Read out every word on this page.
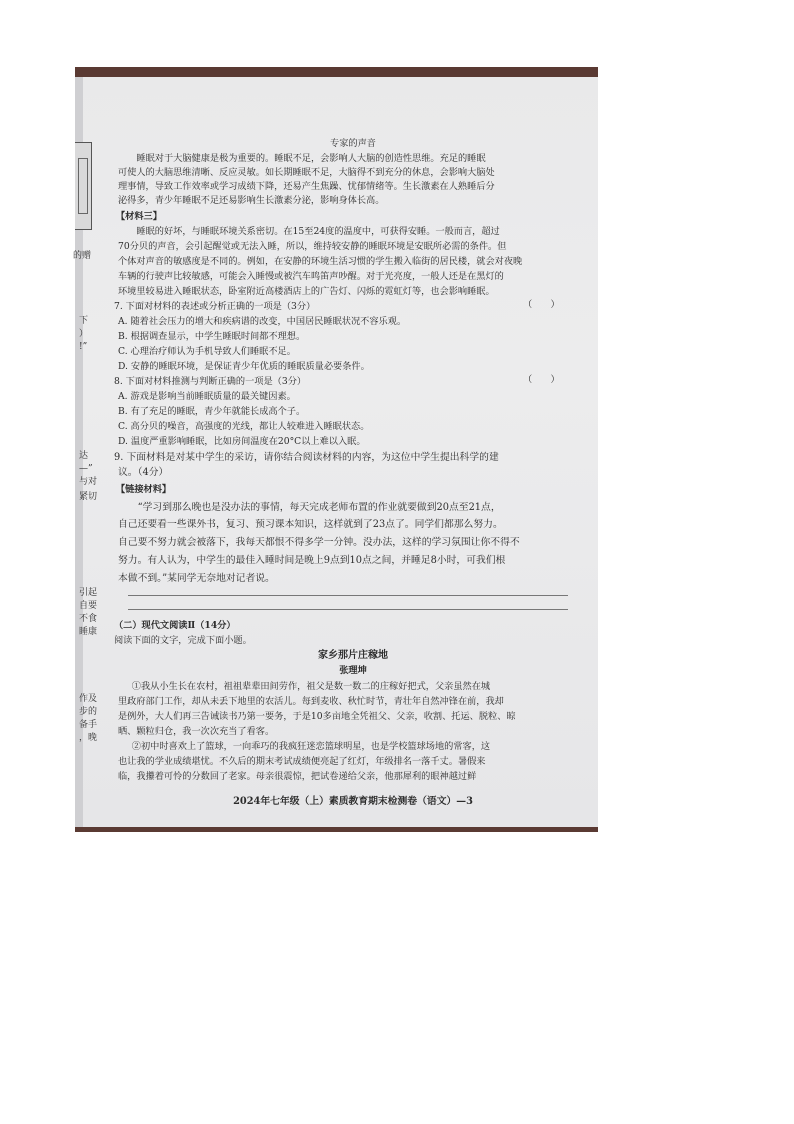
的赠
下
）
!”
达
—”
与对
紧切
引起
自要
不食
睡康
作及
步的
备手
，晚
专家的声音
睡眠对于大脑健康是极为重要的。睡眠不足，会影响人大脑的创造性思维。充足的睡眠
可使人的大脑思维清晰、反应灵敏。如长期睡眠不足，大脑得不到充分的休息，会影响大脑处
理事情，导致工作效率或学习成绩下降，还易产生焦躁、忧郁情绪等。生长激素在人熟睡后分
泌得多，青少年睡眠不足还易影响生长激素分泌，影响身体长高。
【材料三】
睡眠的好坏，与睡眠环境关系密切。在15至24度的温度中，可获得安睡。一般而言，超过
70分贝的声音，会引起醒觉或无法入睡，所以，维持较安静的睡眠环境是安眠所必需的条件。但
个体对声音的敏感度是不同的。例如，在安静的环境生活习惯的学生搬入临街的居民楼，就会对夜晚
车辆的行驶声比较敏感，可能会入睡慢或被汽车鸣笛声吵醒。对于光亮度，一般人还是在黑灯的
环境里较易进入睡眠状态，卧室附近高楼酒店上的广告灯、闪烁的霓虹灯等，也会影响睡眠。
7. 下面对材料的表述或分析正确的一项是（3分）	（　　）
A. 随着社会压力的增大和疾病谱的改变，中国居民睡眠状况不容乐观。
B. 根据调查显示，中学生睡眠时间都不理想。
C. 心理治疗师认为手机导致人们睡眠不足。
D. 安静的睡眠环境，是保证青少年优质的睡眠质量必要条件。
8. 下面对材料推测与判断正确的一项是（3分）	（　　）
A. 游戏是影响当前睡眠质量的最关键因素。
B. 有了充足的睡眠，青少年就能长成高个子。
C. 高分贝的噪音，高强度的光线，都让人较难进入睡眠状态。
D. 温度严重影响睡眠，比如房间温度在20°C以上难以入眠。
9. 下面材料是对某中学生的采访，请你结合阅读材料的内容，为这位中学生提出科学的建
议。（4分）
【链接材料】
“学习到那么晚也是没办法的事情，每天完成老师布置的作业就要做到20点至21点，
自己还要看一些课外书，复习、预习课本知识，这样就到了23点了。同学们都那么努力。
自己要不努力就会被落下，我每天都恨不得多学一分钟。没办法，这样的学习氛围让你不得不
努力。有人认为，中学生的最佳入睡时间是晚上9点到10点之间，并睡足8小时，可我们根
本做不到。”某同学无奈地对记者说。
（二）现代文阅读Ⅱ（14分）
阅读下面的文字，完成下面小题。
家乡那片庄稼地
张理坤
①我从小生长在农村，祖祖辈辈田间劳作，祖父是数一数二的庄稼好把式，父亲虽然在城
里政府部门工作，却从未丢下地里的农活儿。每到麦收、秋忙时节，青壮年自然冲锋在前，我却
是例外，大人们再三告诫读书乃第一要务，于是10多亩地全凭祖父、父亲，收割、托运、脱粒、晾
晒、颗粒归仓，我一次次充当了看客。
②初中时喜欢上了篮球，一向乖巧的我疯狂迷恋篮球明星，也是学校篮球场地的常客，这
也让我的学业成绩堪忧。不久后的期末考试成绩便亮起了红灯，年级排名一落千丈。暑假来
临，我攥着可怜的分数回了老家。母亲很震惊，把试卷递给父亲，他那犀利的眼神越过鲜
2024年七年级（上）素质教育期末检测卷（语文）—3
